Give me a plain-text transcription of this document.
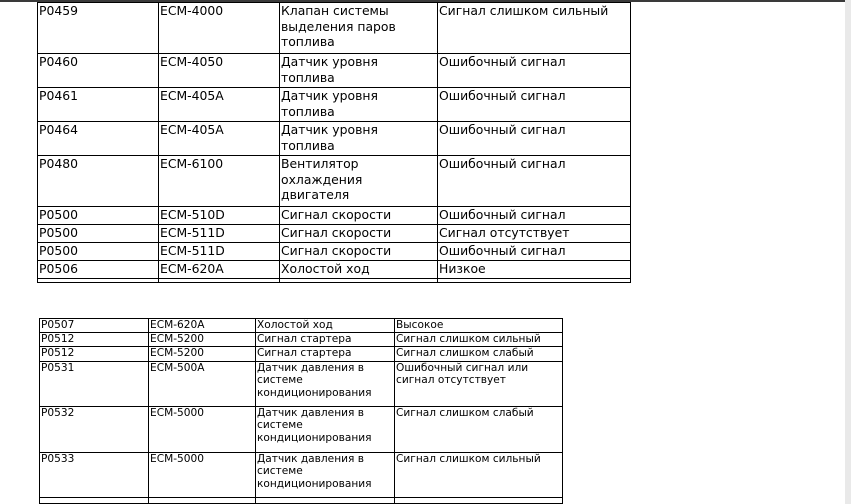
P0459	ECM-4000	Клапан системы
выделения паров
топлива	Сигнал слишком сильный
P0460	ECM-4050	Датчик уровня
топлива	Ошибочный сигнал
P0461	ECM-405A	Датчик уровня
топлива	Ошибочный сигнал
P0464	ECM-405A	Датчик уровня
топлива	Ошибочный сигнал
P0480	ECM-6100	Вентилятор
охлаждения
двигателя	Ошибочный сигнал
P0500	ECM-510D	Сигнал скорости	Ошибочный сигнал
P0500	ECM-511D	Сигнал скорости	Сигнал отсутствует
P0500	ECM-511D	Сигнал скорости	Ошибочный сигнал
P0506	ECM-620A	Холостой ход	Низкое

P0507	ECM-620A	Холостой ход	Высокое
P0512	ECM-5200	Сигнал стартера	Сигнал слишком сильный
P0512	ECM-5200	Сигнал стартера	Сигнал слишком слабый
P0531	ECM-500A	Датчик давления в
системе
кондиционирования	Ошибочный сигнал или
сигнал отсутствует
P0532	ECM-5000	Датчик давления в
системе
кондиционирования	Сигнал слишком слабый
P0533	ECM-5000	Датчик давления в
системе
кондиционирования	Сигнал слишком сильный
